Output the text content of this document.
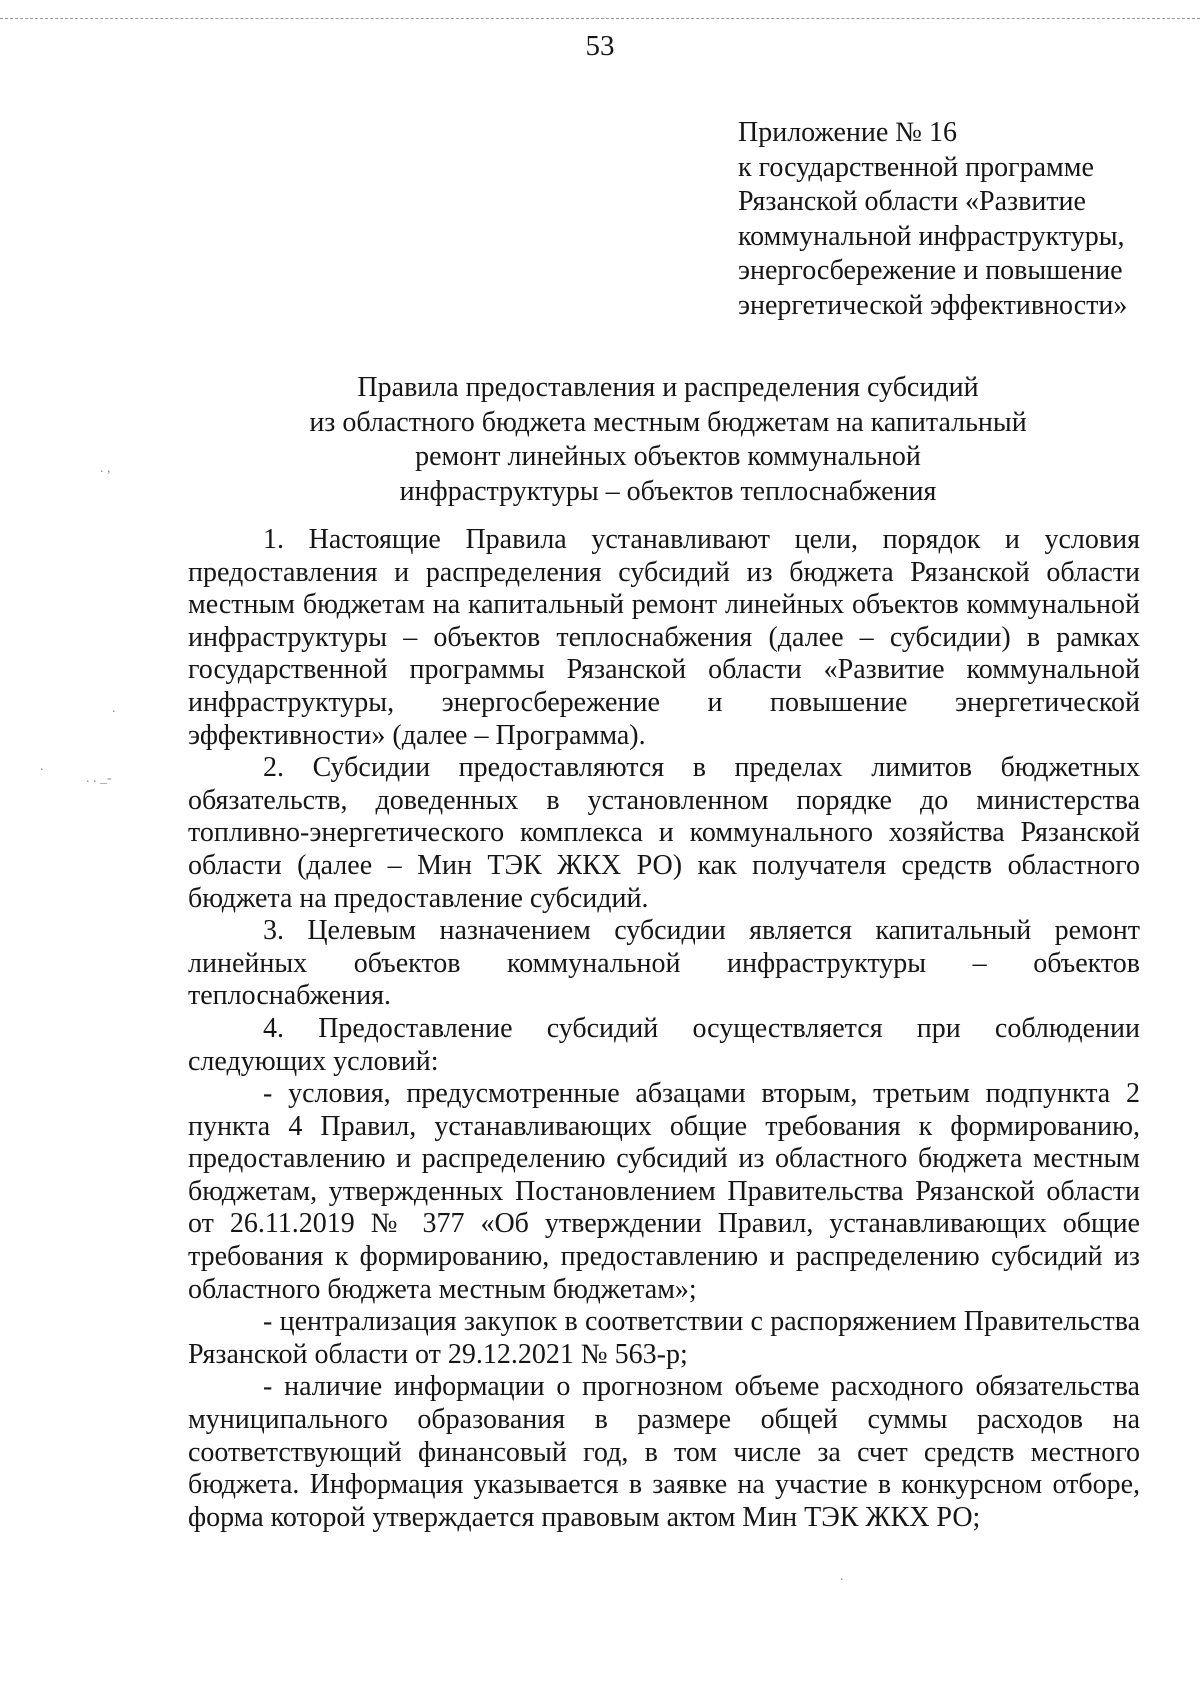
53
Приложение № 16
к государственной программе
Рязанской области «Развитие
коммунальной инфраструктуры,
энергосбережение и повышение
энергетической эффективности»
Правила предоставления и распределения субсидий
из областного бюджета местным бюджетам на капитальный
ремонт линейных объектов коммунальной
инфраструктуры – объектов теплоснабжения

1. Настоящие Правила устанавливают цели, порядок и условия предоставления и распределения субсидий из бюджета Рязанской области местным бюджетам на капитальный ремонт линейных объектов коммунальной инфраструктуры – объектов теплоснабжения (далее – субсидии) в рамках государственной программы Рязанской области «Развитие коммунальной инфраструктуры, энергосбережение и повышение энергетической эффективности» (далее – Программа).

2. Субсидии предоставляются в пределах лимитов бюджетных обязательств, доведенных в установленном порядке до министерства топливно-энергетического комплекса и коммунального хозяйства Рязанской области (далее – Мин ТЭК ЖКХ РО) как получателя средств областного бюджета на предоставление субсидий.

3. Целевым назначением субсидии является капитальный ремонт линейных объектов коммунальной инфраструктуры – объектов теплоснабжения.

4. Предоставление субсидий осуществляется при соблюдении следующих условий:

- условия, предусмотренные абзацами вторым, третьим подпункта 2 пункта 4 Правил, устанавливающих общие требования к формированию, предоставлению и распределению субсидий из областного бюджета местным бюджетам, утвержденных Постановлением Правительства Рязанской области от 26.11.2019 № 377 «Об утверждении Правил, устанавливающих общие требования к формированию, предоставлению и распределению субсидий из областного бюджета местным бюджетам»;

- централизация закупок в соответствии с распоряжением Правительства Рязанской области от 29.12.2021 № 563-р;

- наличие информации о прогнозном объеме расходного обязательства муниципального образования в размере общей суммы расходов на соответствующий финансовый год, в том числе за счет средств местного бюджета. Информация указывается в заявке на участие в конкурсном отборе, форма которой утверждается правовым актом Мин ТЭК ЖКХ РО;

. ,
.
.
. . _-
.
